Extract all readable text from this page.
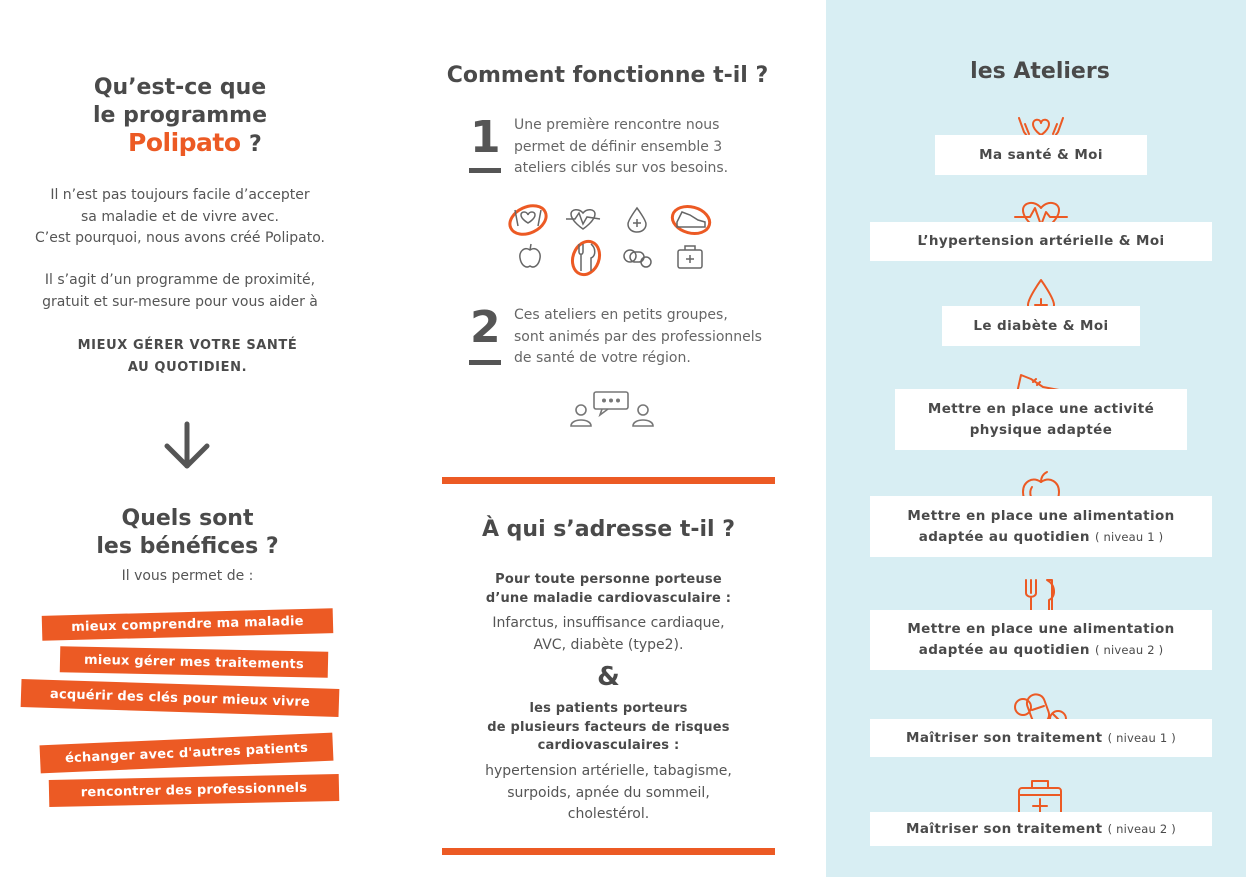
Qu’est-ce que
le programme
Polipato ?
Il n’est pas toujours facile d’accepter
sa maladie et de vivre avec.
C’est pourquoi, nous avons créé Polipato.
Il s’agit d’un programme de proximité,
gratuit et sur-mesure pour vous aider à
MIEUX GÉRER VOTRE SANTÉ
AU QUOTIDIEN.
Quels sont
les bénéfices ?
Il vous permet de :
mieux comprendre ma maladie
mieux gérer mes traitements
acquérir des clés pour mieux vivre
échanger avec d'autres patients
rencontrer des professionnels
Comment fonctionne t-il ?
1 Une première rencontre nous
permet de définir ensemble 3
ateliers ciblés sur vos besoins.
2 Ces ateliers en petits groupes,
sont animés par des professionnels
de santé de votre région.
À qui s’adresse t-il ?
Pour toute personne porteuse
d’une maladie cardiovasculaire :
Infarctus, insuffisance cardiaque,
AVC, diabète (type2).
&
les patients porteurs
de plusieurs facteurs de risques
cardiovasculaires :
hypertension artérielle, tabagisme,
surpoids, apnée du sommeil,
cholestérol.
les Ateliers
Ma santé & Moi
L’hypertension artérielle & Moi
Le diabète & Moi
Mettre en place une activité
physique adaptée
Mettre en place une alimentation
adaptée au quotidien ( niveau 1 )
Mettre en place une alimentation
adaptée au quotidien ( niveau 2 )
Maîtriser son traitement ( niveau 1 )
Maîtriser son traitement ( niveau 2 )
